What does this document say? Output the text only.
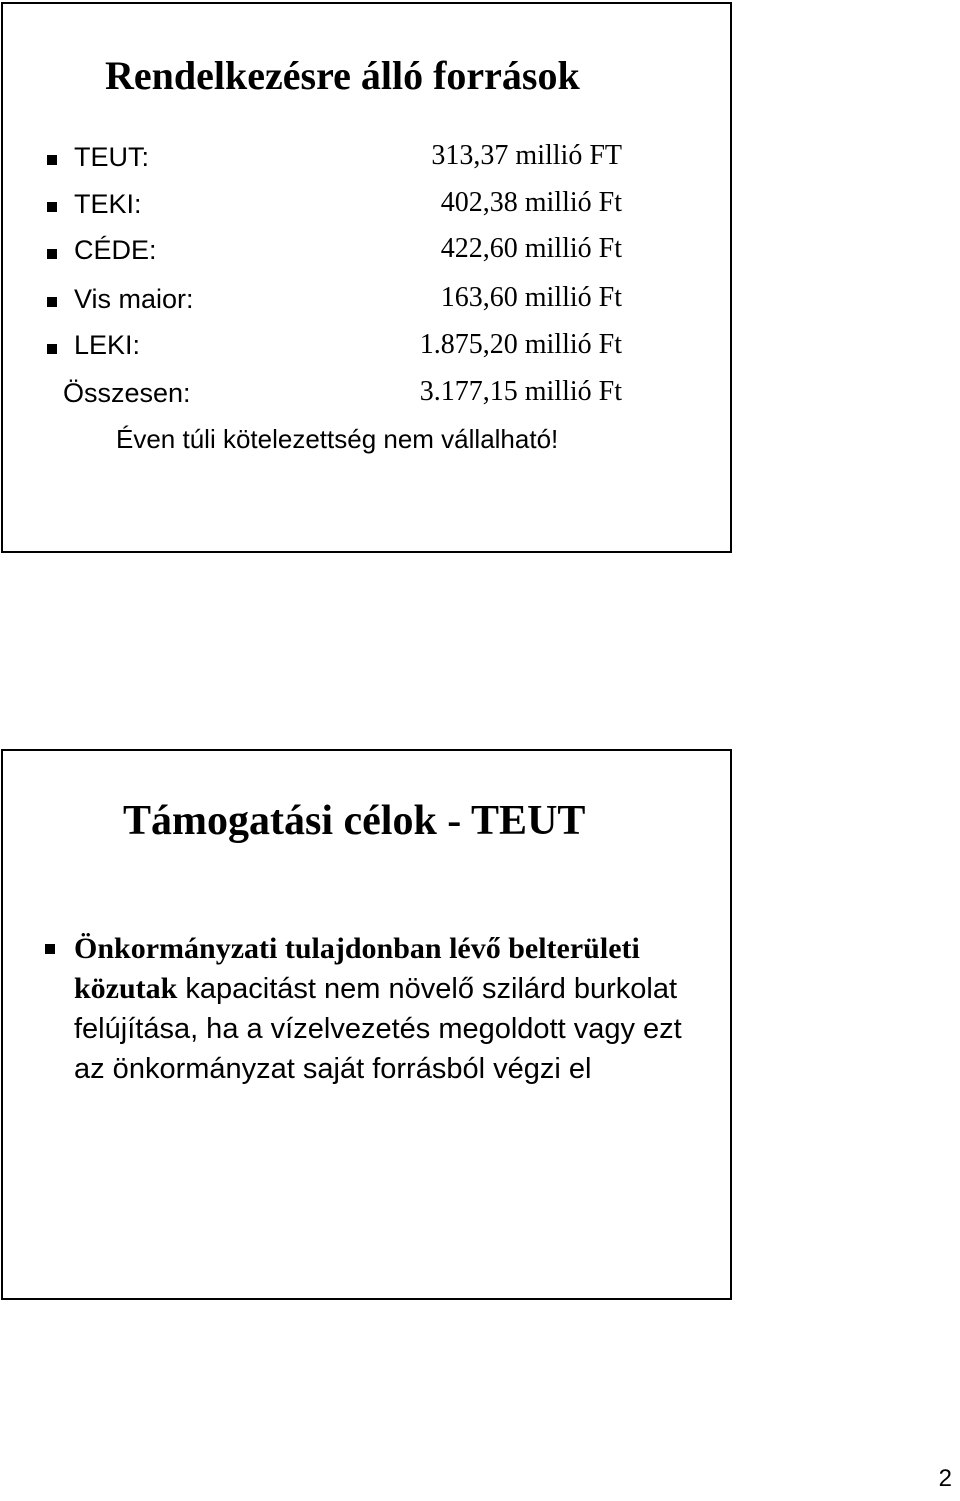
Rendelkezésre álló források
TEUT:	313,37 millió FT
TEKI:	402,38 millió Ft
CÉDE:	422,60 millió Ft
Vis maior:	163,60 millió Ft
LEKI:	1.875,20 millió Ft
Összesen:	3.177,15 millió Ft
Éven túli kötelezettség nem vállalható!
Támogatási célok - TEUT
Önkormányzati tulajdonban lévő belterületi közutak kapacitást nem növelő szilárd burkolat felújítása, ha a vízelvezetés megoldott vagy ezt az önkormányzat saját forrásból végzi el
2
